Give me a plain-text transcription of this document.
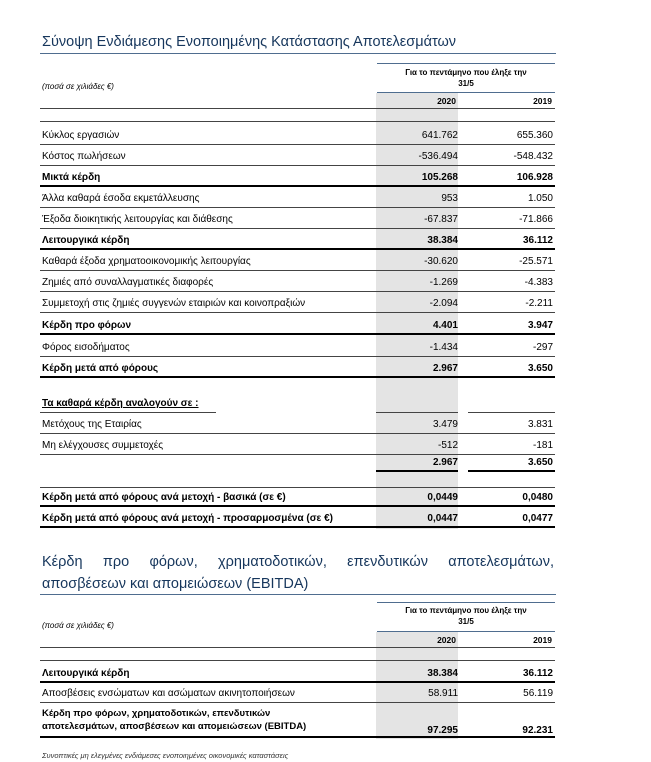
Σύνοψη Ενδιάμεσης Ενοποιημένης Κατάστασης Αποτελεσμάτων
(ποσά σε χιλιάδες €)
Για το πεντάμηνο που έληξε την
31/5
2020	2019
Κύκλος εργασιών	641.762	655.360
Κόστος πωλήσεων	-536.494	-548.432
Μικτά κέρδη	105.268	106.928
Άλλα καθαρά έσοδα εκμετάλλευσης	953	1.050
Έξοδα διοικητικής λειτουργίας και διάθεσης	-67.837	-71.866
Λειτουργικά κέρδη	38.384	36.112
Καθαρά έξοδα χρηματοοικονομικής λειτουργίας	-30.620	-25.571
Ζημιές από συναλλαγματικές διαφορές	-1.269	-4.383
Συμμετοχή στις ζημιές συγγενών εταιριών και κοινοπραξιών	-2.094	-2.211
Κέρδη προ φόρων	4.401	3.947
Φόρος εισοδήματος	-1.434	-297
Κέρδη μετά από φόρους	2.967	3.650
Τα καθαρά κέρδη αναλογούν σε :
Μετόχους της Εταιρίας	3.479	3.831
Μη ελέγχουσες συμμετοχές	-512	-181
2.967	3.650
Κέρδη μετά από φόρους ανά μετοχή - βασικά (σε €)	0,0449	0,0480
Κέρδη μετά από φόρους ανά μετοχή - προσαρμοσμένα (σε €)	0,0447	0,0477
Κέρδη προ φόρων, χρηματοδοτικών, επενδυτικών αποτελεσμάτων, αποσβέσεων και απομειώσεων (EBITDA)
(ποσά σε χιλιάδες €)
Για το πεντάμηνο που έληξε την
31/5
2020	2019
Λειτουργικά κέρδη	38.384	36.112
Αποσβέσεις ενσώματων και ασώματων ακινητοποιήσεων	58.911	56.119
Κέρδη προ φόρων, χρηματοδοτικών, επενδυτικών
αποτελεσμάτων, αποσβέσεων και απομειώσεων (EBITDA)	97.295	92.231
Συνοπτικές μη ελεγμένες ενδιάμεσες ενοποιημένες οικονομικές καταστάσεις
